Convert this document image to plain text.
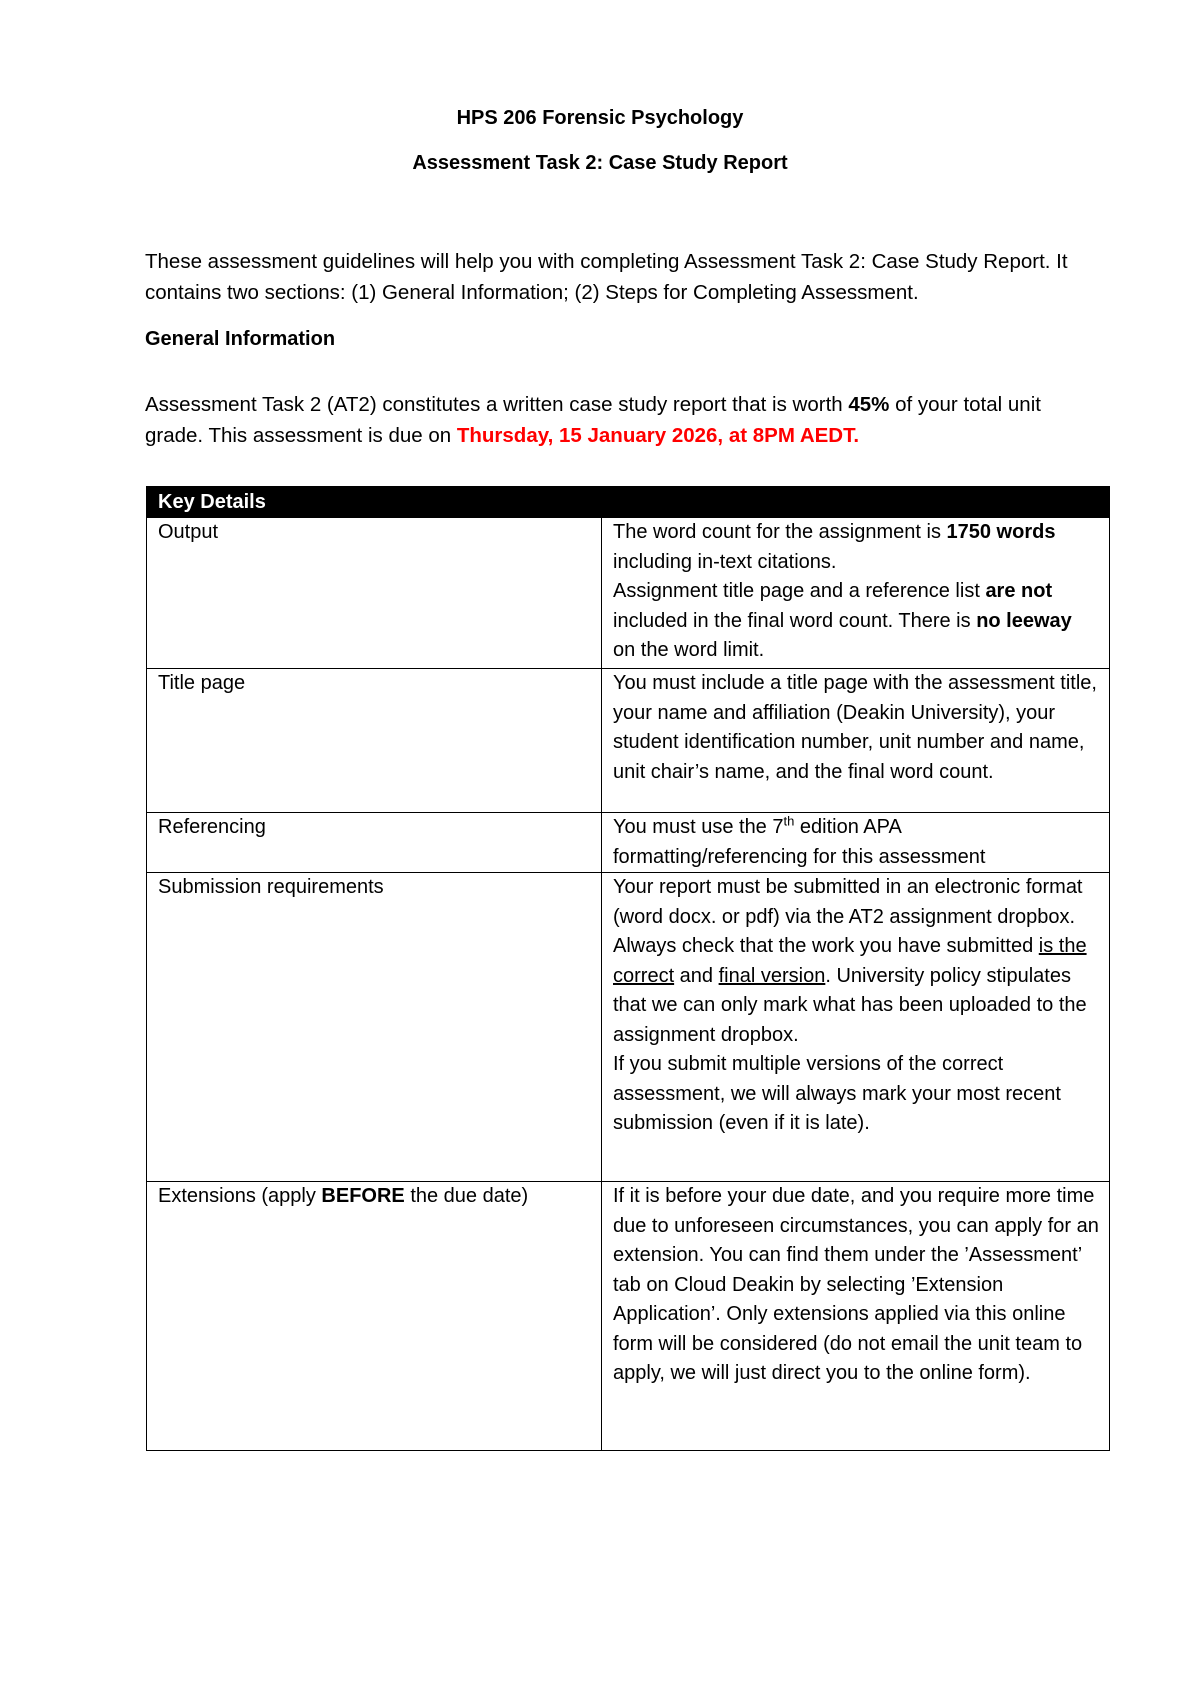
HPS 206 Forensic Psychology
Assessment Task 2: Case Study Report
These assessment guidelines will help you with completing Assessment Task 2: Case Study Report. It contains two sections: (1) General Information; (2) Steps for Completing Assessment.
General Information
Assessment Task 2 (AT2) constitutes a written case study report that is worth 45% of your total unit grade. This assessment is due on Thursday, 15 January 2026, at 8PM AEDT.
Key Details	
Output	The word count for the assignment is 1750 words including in-text citations.
Assignment title page and a reference list are not included in the final word count. There is no leeway on the word limit.

Title page	You must include a title page with the assessment title, your name and affiliation (Deakin University), your student identification number, unit number and name, unit chair’s name, and the final word count.
Referencing	You must use the 7th edition APA formatting/referencing for this assessment
Submission requirements	Your report must be submitted in an electronic format (word docx. or pdf) via the AT2 assignment dropbox. Always check that the work you have submitted is the correct and final version. University policy stipulates that we can only mark what has been uploaded to the assignment dropbox.
If you submit multiple versions of the correct assessment, we will always mark your most recent submission (even if it is late).

Extensions (apply BEFORE the due date)	If it is before your due date, and you require more time due to unforeseen circumstances, you can apply for an extension. You can find them under the ’Assessment’ tab on Cloud Deakin by selecting ’Extension Application’. Only extensions applied via this online form will be considered (do not email the unit team to apply, we will just direct you to the online form).
